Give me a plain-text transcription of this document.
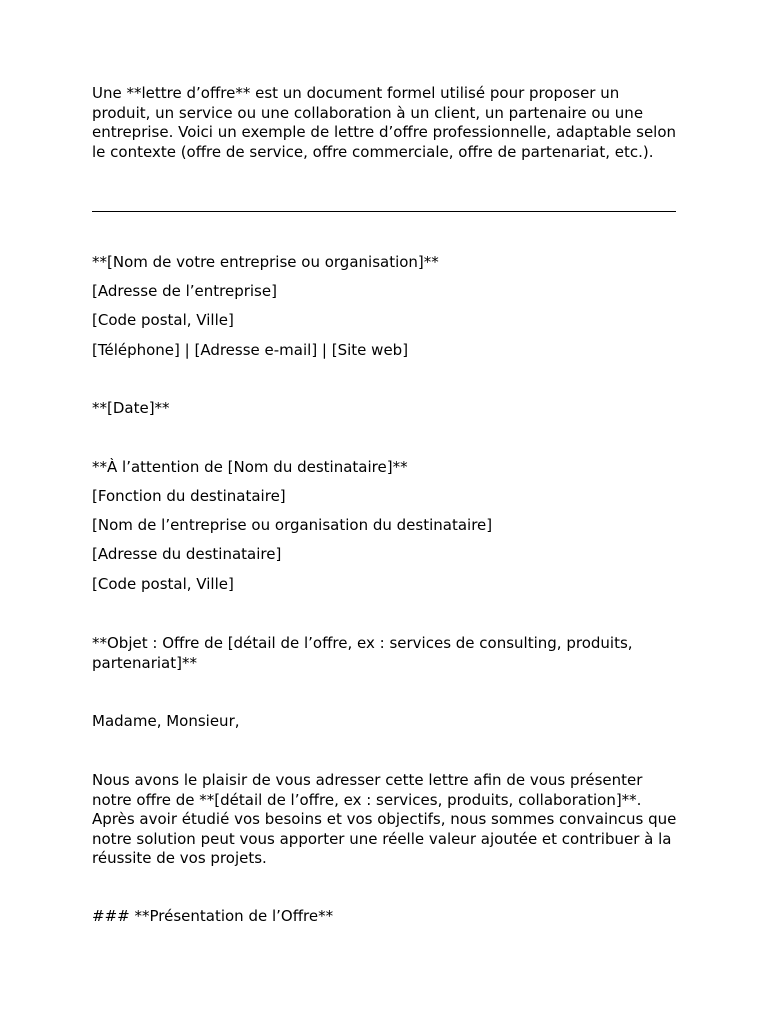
Une **lettre d’offre** est un document formel utilisé pour proposer un produit, un service ou une collaboration à un client, un partenaire ou une entreprise. Voici un exemple de lettre d’offre professionnelle, adaptable selon le contexte (offre de service, offre commerciale, offre de partenariat, etc.).

**[Nom de votre entreprise ou organisation]**

[Adresse de l’entreprise]

[Code postal, Ville]

[Téléphone] | [Adresse e-mail] | [Site web]

**[Date]**

**À l’attention de [Nom du destinataire]**

[Fonction du destinataire]

[Nom de l’entreprise ou organisation du destinataire]

[Adresse du destinataire]

[Code postal, Ville]

**Objet : Offre de [détail de l’offre, ex : services de consulting, produits, partenariat]**

Madame, Monsieur,

Nous avons le plaisir de vous adresser cette lettre afin de vous présenter notre offre de **[détail de l’offre, ex : services, produits, collaboration]**. Après avoir étudié vos besoins et vos objectifs, nous sommes convaincus que notre solution peut vous apporter une réelle valeur ajoutée et contribuer à la réussite de vos projets.

### **Présentation de l’Offre**
